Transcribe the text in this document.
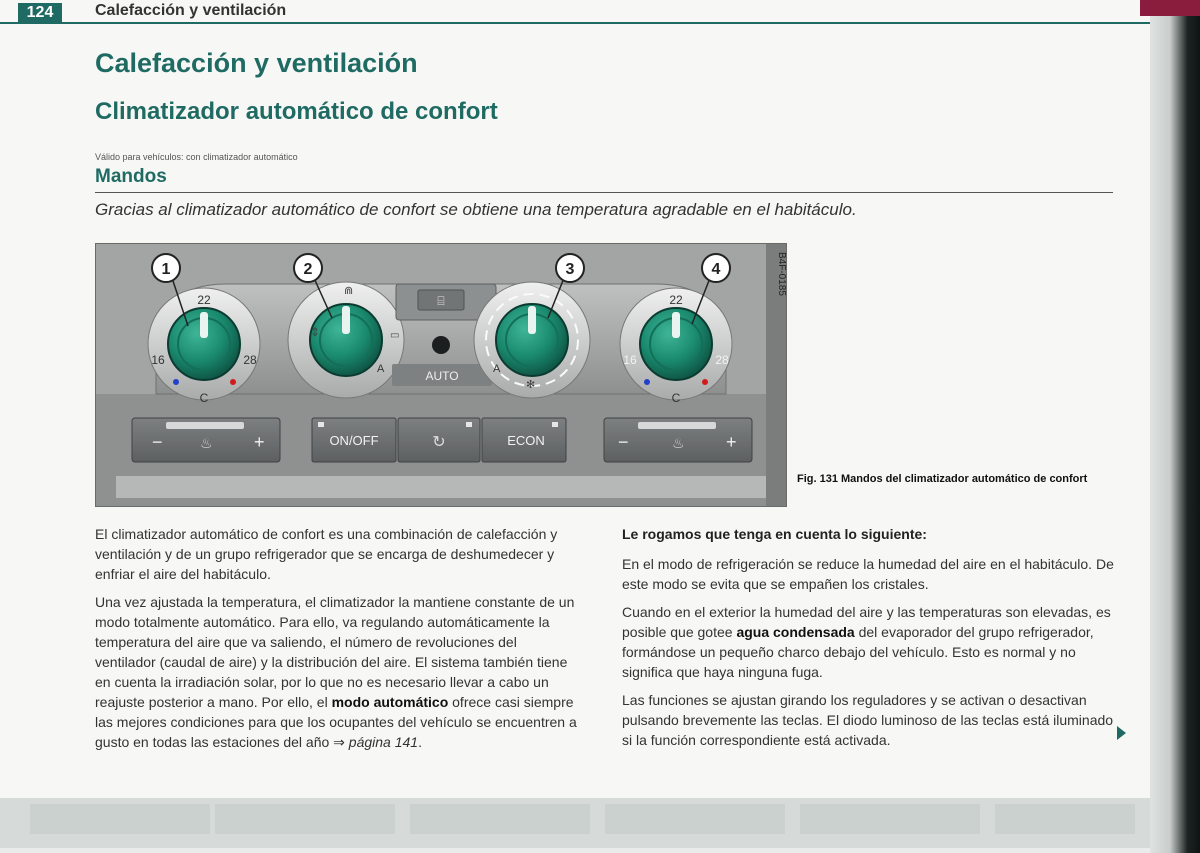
124	Calefacción y ventilación
Calefacción y ventilación
Climatizador automático de confort
Válido para vehículos: con climatizador automático
Mandos
Gracias al climatizador automático de confort se obtiene una temperatura agradable en el habitáculo.
22
16	28
C
⇕	▭
A
⋒
⌸
AUTO	A
✻
22
16	28
C
1	2	3	4
−	+
♨	ON/OFF	↻	ECON	−	+
♨
B4F-0185
Fig. 131 Mandos del climatizador automático de confort

El climatizador automático de confort es una combinación de calefacción y ventilación y de un grupo refrigerador que se encarga de deshumedecer y enfriar el aire del habitáculo.

Una vez ajustada la temperatura, el climatizador la mantiene constante de un modo totalmente automático. Para ello, va regulando automáticamente la temperatura del aire que va saliendo, el número de revoluciones del ventilador (caudal de aire) y la distribución del aire. El sistema también tiene en cuenta la irradiación solar, por lo que no es necesario llevar a cabo un reajuste posterior a mano. Por ello, el modo automático ofrece casi siempre las mejores condiciones para que los ocupantes del vehículo se encuentren a gusto en todas las estaciones del año ⇒ página 141.

Le rogamos que tenga en cuenta lo siguiente:

En el modo de refrigeración se reduce la humedad del aire en el habitáculo. De este modo se evita que se empañen los cristales.

Cuando en el exterior la humedad del aire y las temperaturas son elevadas, es posible que gotee agua condensada del evaporador del grupo refrigerador, formándose un pequeño charco debajo del vehículo. Esto es normal y no significa que haya ninguna fuga.

Las funciones se ajustan girando los reguladores y se activan o desactivan pulsando brevemente las teclas. El diodo luminoso de las teclas está iluminado si la función correspondiente está activada.
